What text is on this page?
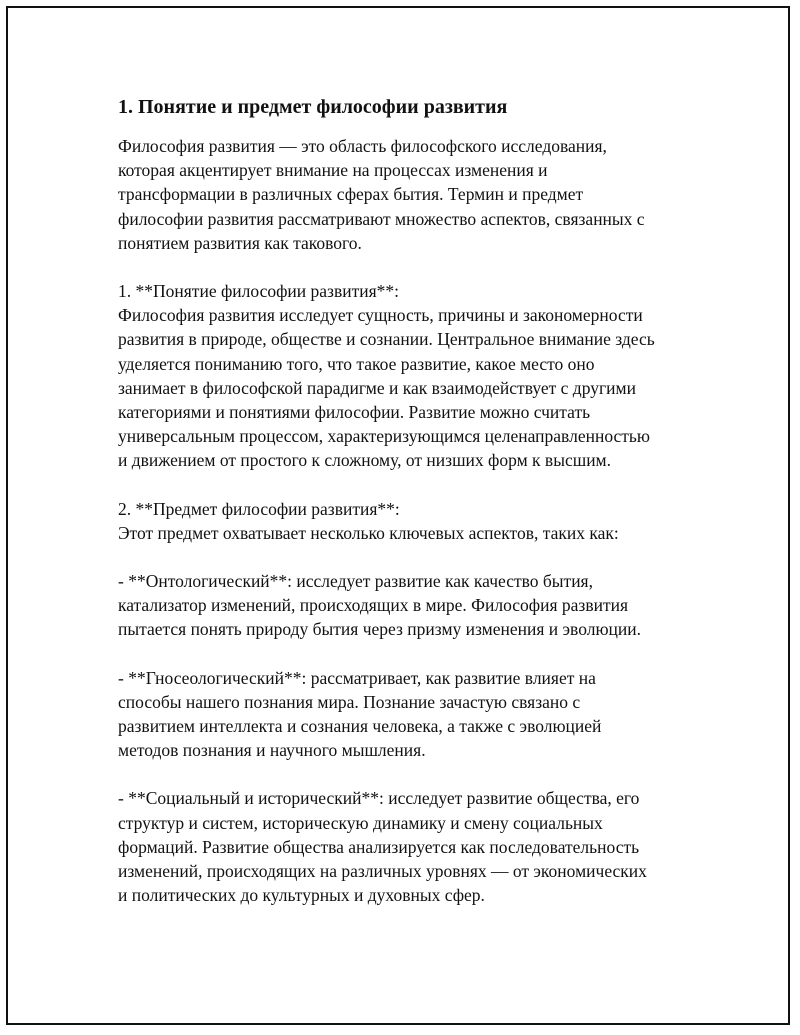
1. Понятие и предмет философии развития
Философия развития — это область философского исследования,
которая акцентирует внимание на процессах изменения и
трансформации в различных сферах бытия. Термин и предмет
философии развития рассматривают множество аспектов, связанных с
понятием развития как такового.
1. **Понятие философии развития**:
Философия развития исследует сущность, причины и закономерности
развития в природе, обществе и сознании. Центральное внимание здесь
уделяется пониманию того, что такое развитие, какое место оно
занимает в философской парадигме и как взаимодействует с другими
категориями и понятиями философии. Развитие можно считать
универсальным процессом, характеризующимся целенаправленностью
и движением от простого к сложному, от низших форм к высшим.
2. **Предмет философии развития**:
Этот предмет охватывает несколько ключевых аспектов, таких как:
- **Онтологический**: исследует развитие как качество бытия,
катализатор изменений, происходящих в мире. Философия развития
пытается понять природу бытия через призму изменения и эволюции.
- **Гносеологический**: рассматривает, как развитие влияет на
способы нашего познания мира. Познание зачастую связано с
развитием интеллекта и сознания человека, а также с эволюцией
методов познания и научного мышления.
- **Социальный и исторический**: исследует развитие общества, его
структур и систем, историческую динамику и смену социальных
формаций. Развитие общества анализируется как последовательность
изменений, происходящих на различных уровнях — от экономических
и политических до культурных и духовных сфер.
